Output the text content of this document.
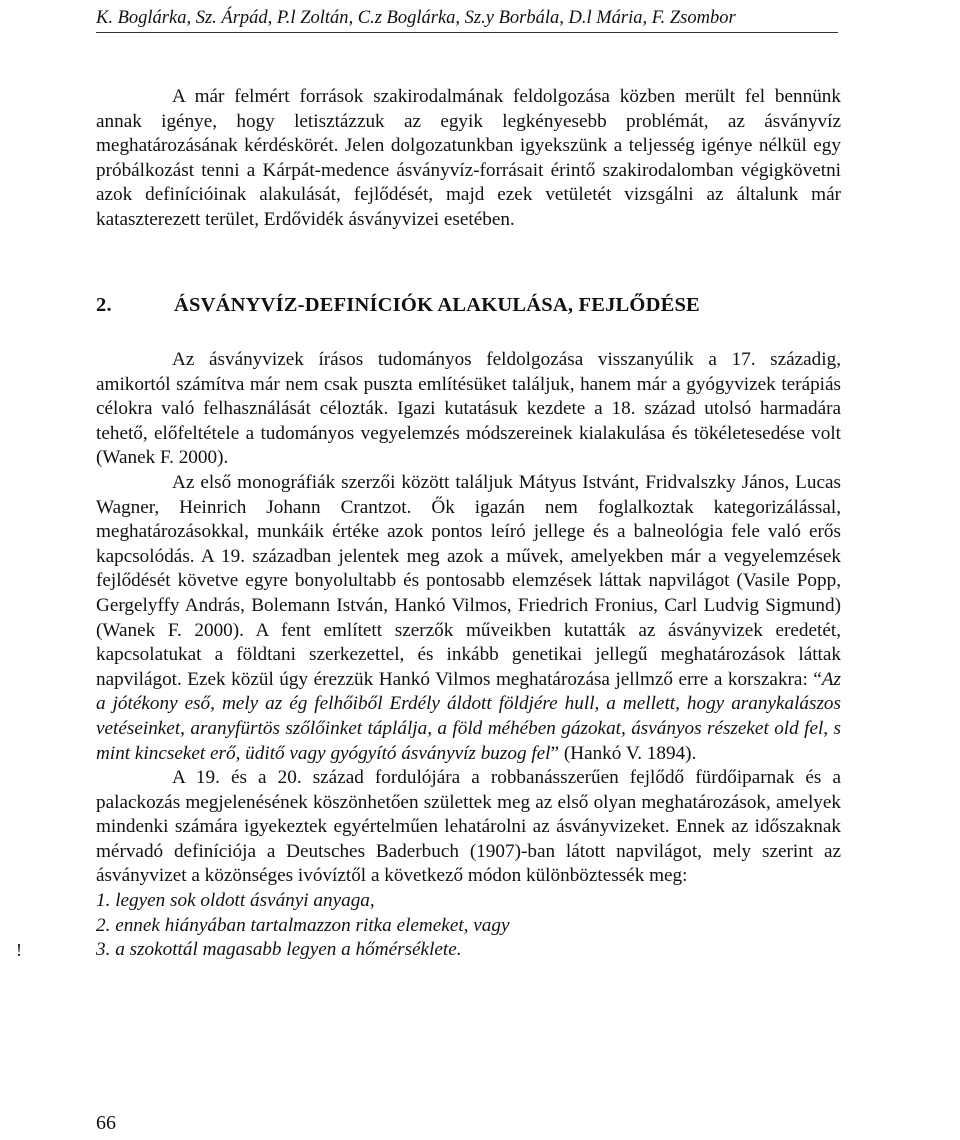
K. Boglárka, Sz. Árpád, P.l Zoltán, C.z Boglárka, Sz.y Borbála, D.l Mária, F. Zsombor

A már felmért források szakirodalmának feldolgozása közben merült fel bennünk annak igénye, hogy letisztázzuk az egyik legkényesebb problémát, az ásványvíz meghatározásának kérdéskörét. Jelen dolgozatunkban igyekszünk a teljesség igénye nélkül egy próbálkozást tenni a Kárpát-medence ásványvíz-forrásait érintő szakirodalomban végigkövetni azok definícióinak alakulását, fejlődését, majd ezek vetületét vizsgálni az általunk már kataszterezett terület, Erdővidék ásványvizei esetében.

2.	ÁSVÁNYVÍZ-DEFINÍCIÓK ALAKULÁSA, FEJLŐDÉSE

Az ásványvizek írásos tudományos feldolgozása visszanyúlik a 17. századig, amikortól számítva már nem csak puszta említésüket találjuk, hanem már a gyógyvizek terápiás célokra való felhasználását célozták. Igazi kutatásuk kezdete a 18. század utolsó harmadára tehető, előfeltétele a tudományos vegyelemzés módszereinek kialakulása és tökéletesedése volt (Wanek F. 2000).

Az első monográfiák szerzői között találjuk Mátyus Istvánt, Fridvalszky János, Lucas Wagner, Heinrich Johann Crantzot. Ők igazán nem foglalkoztak kategorizálással, meghatározásokkal, munkáik értéke azok pontos leíró jellege és a balneológia fele való erős kapcsolódás. A 19. században jelentek meg azok a művek, amelyekben már a vegyelemzések fejlődését követve egyre bonyolultabb és pontosabb elemzések láttak napvilágot (Vasile Popp, Gergelyffy András, Bolemann István, Hankó Vilmos, Friedrich Fronius, Carl Ludvig Sigmund) (Wanek F. 2000). A fent említett szerzők műveikben kutatták az ásványvizek eredetét, kapcsolatukat a földtani szerkezettel, és inkább genetikai jellegű meghatározások láttak napvilágot. Ezek közül úgy érezzük Hankó Vilmos meghatározása jellmző erre a korszakra: “Az a jótékony eső, mely az ég felhőiből Erdély áldott földjére hull, a mellett, hogy aranykalászos vetéseinket, aranyfürtös szőlőinket táplálja, a föld méhében gázokat, ásványos részeket old fel, s mint kincseket erő, üditő vagy gyógyító ásványvíz buzog fel” (Hankó V. 1894).

A 19. és a 20. század fordulójára a robbanásszerűen fejlődő fürdőiparnak és a palackozás megjelenésének köszönhetően születtek meg az első olyan meghatározások, amelyek mindenki számára igyekeztek egyértelműen lehatárolni az ásványvizeket. Ennek az időszaknak mérvadó definíciója a Deutsches Baderbuch (1907)-ban látott napvilágot, mely szerint az ásványvizet a közönséges ivóvíztől a következő módon különböztessék meg:

1. legyen sok oldott ásványi anyaga,
2. ennek hiányában tartalmazzon ritka elemeket, vagy
3. a szokottál magasabb legyen a hőmérséklete.
!
66
